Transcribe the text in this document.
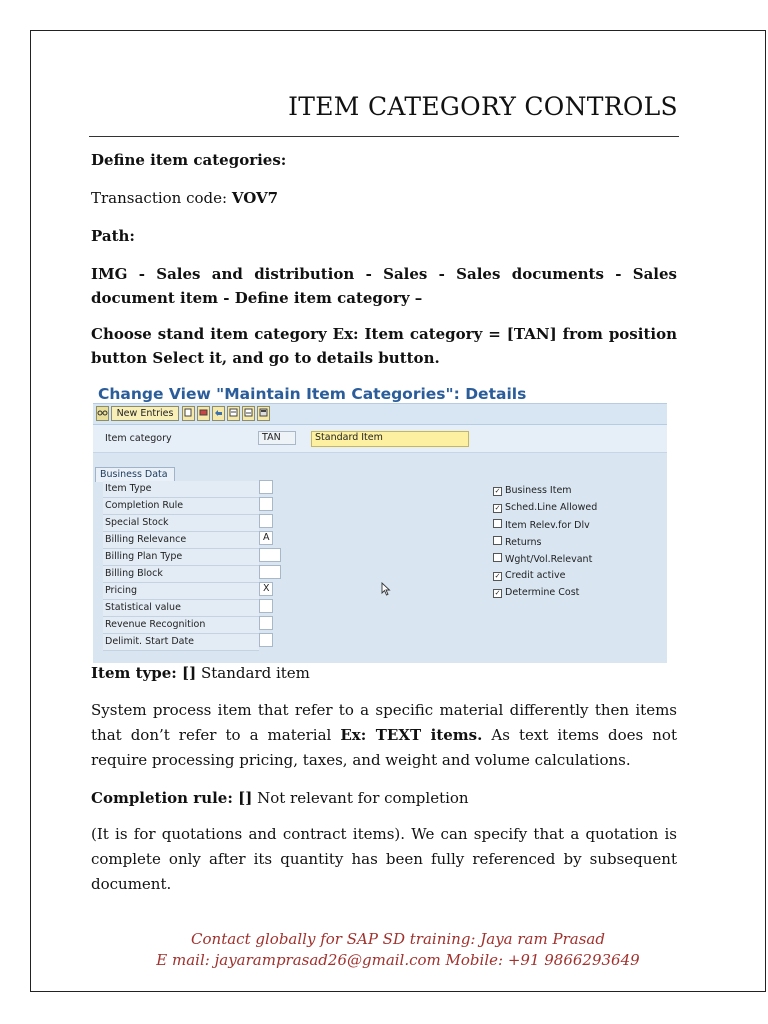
ITEM CATEGORY CONTROLS
Define item categories:
Transaction code: VOV7
Path:
IMG - Sales and distribution - Sales - Sales documents - Sales document item - Define item category –
Choose stand item category Ex: Item category = [TAN] from position button Select it, and go to details button.
Change View "Maintain Item Categories": Details
New Entries
Item category	TAN	Standard Item
Business Data
Item Type
Completion Rule
Special Stock
Billing Relevance	A
Billing Plan Type
Billing Block
Pricing	X
Statistical value
Revenue Recognition
Delimit. Start Date
✓ Business Item
✓ Sched.Line Allowed
Item Relev.for Dlv
Returns
Wght/Vol.Relevant
✓ Credit active
✓ Determine Cost
Item type: [] Standard item
System process item that refer to a specific material differently then items that don’t refer to a material Ex: TEXT items. As text items does not require processing pricing, taxes, and weight and volume calculations.
Completion rule: [] Not relevant for completion
(It is for quotations and contract items). We can specify that a quotation is complete only after its quantity has been fully referenced by subsequent document.
Contact globally for SAP SD training: Jaya ram Prasad
E mail: jayaramprasad26@gmail.com Mobile: +91 9866293649
